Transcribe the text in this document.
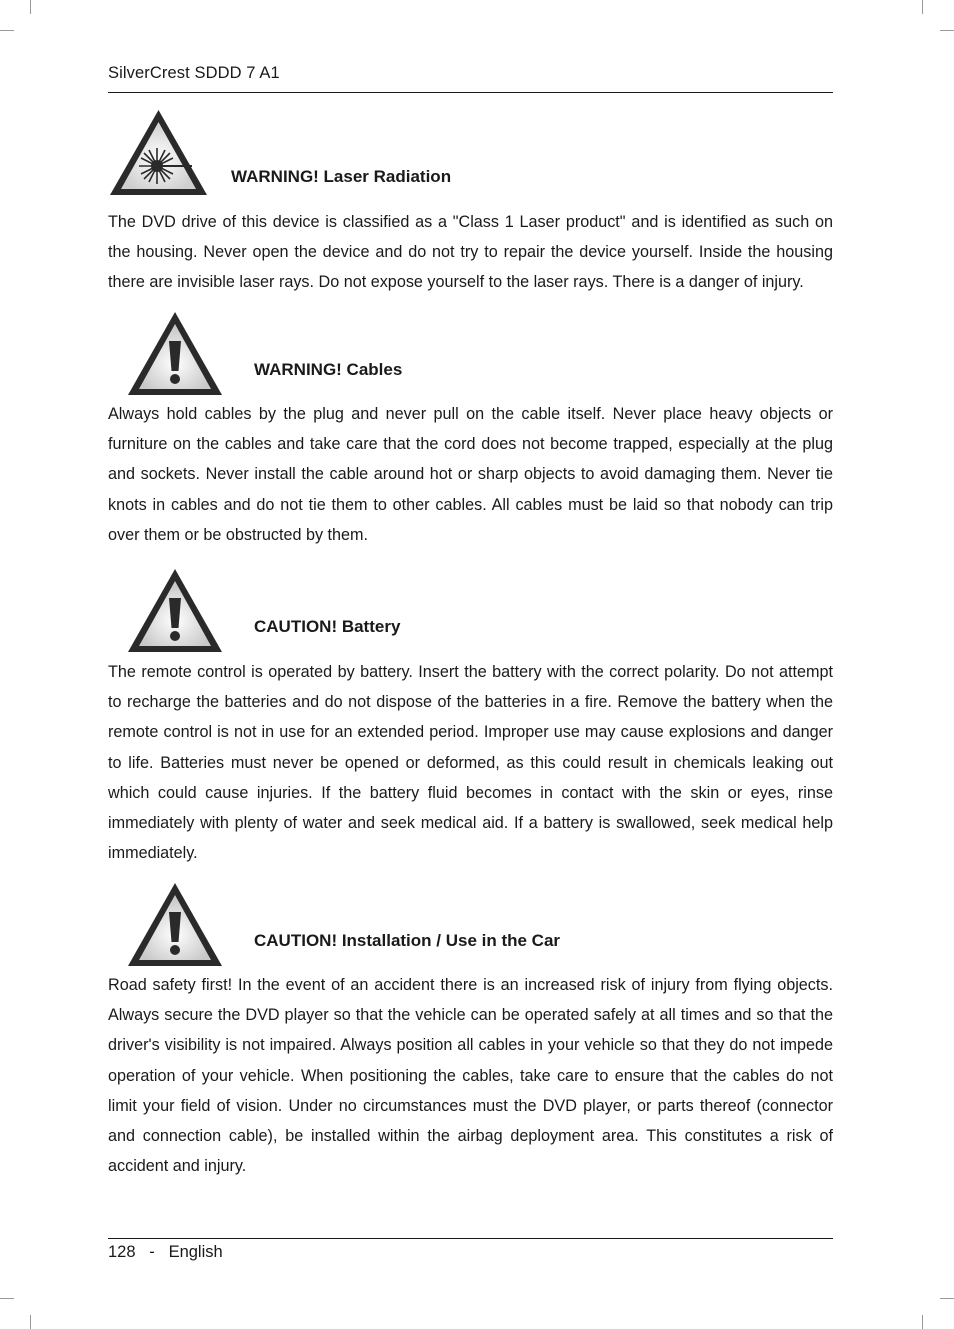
SilverCrest SDDD 7 A1
WARNING! Laser Radiation

The DVD drive of this device is classified as a "Class 1 Laser product" and is identified as such on the housing. Never open the device and do not try to repair the device yourself. Inside the housing there are invisible laser rays. Do not expose yourself to the laser rays. There is a danger of injury.

WARNING! Cables

Always hold cables by the plug and never pull on the cable itself. Never place heavy objects or furniture on the cables and take care that the cord does not become trapped, especially at the plug and sockets. Never install the cable around hot or sharp objects to avoid damaging them. Never tie knots in cables and do not tie them to other cables. All cables must be laid so that nobody can trip over them or be obstructed by them.

CAUTION! Battery

The remote control is operated by battery. Insert the battery with the correct polarity. Do not attempt to recharge the batteries and do not dispose of the batteries in a fire. Remove the battery when the remote control is not in use for an extended period. Improper use may cause explosions and danger to life. Batteries must never be opened or deformed, as this could result in chemicals leaking out which could cause injuries. If the battery fluid becomes in contact with the skin or eyes, rinse immediately with plenty of water and seek medical aid. If a battery is swallowed, seek medical help immediately.

CAUTION! Installation / Use in the Car

Road safety first! In the event of an accident there is an increased risk of injury from flying objects. Always secure the DVD player so that the vehicle can be operated safely at all times and so that the driver's visibility is not impaired. Always position all cables in your vehicle so that they do not impede operation of your vehicle. When positioning the cables, take care to ensure that the cables do not limit your field of vision. Under no circumstances must the DVD player, or parts thereof (connector and connection cable), be installed within the airbag deployment area. This constitutes a risk of accident and injury.

128 - English
